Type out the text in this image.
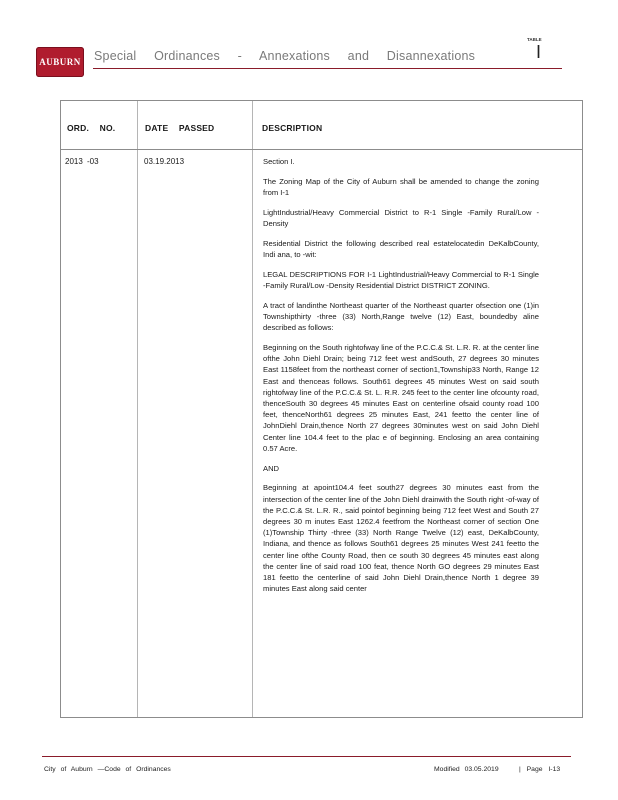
AUBURN Special Ordinances - Annexations and Disannexations
TABLE
I
ORD. NO.	DATE PASSED	DESCRIPTION
2013 -03	03.19.2013	Section I.

The Zoning Map of the City of Auburn shall be amended to change the zoning from I-1

LightIndustrial/Heavy Commercial District to R-1 Single -Family Rural/Low -Density

Residential District the following described real estatelocatedin DeKalbCounty, Indi ana, to -wit:

LEGAL DESCRIPTIONS FOR I-1 LightIndustrial/Heavy Commercial to R-1 Single -Family Rural/Low -Density Residential District DISTRICT ZONING.

A tract of landinthe Northeast quarter of the Northeast quarter ofsection one (1)in Townshipthirty -three (33) North,Range twelve (12) East, boundedby aline described as follows:

Beginning on the South rightofway line of the P.C.C.& St. L.R. R. at the center line ofthe John Diehl Drain; being 712 feet west andSouth, 27 degrees 30 minutes East 1158feet from the northeast corner of section1,Township33 North, Range 12 East and thenceas follows. South61 degrees 45 minutes West on said south rightofway line of the P.C.C.& St. L. R.R. 245 feet to the center line ofcounty road, thenceSouth 30 degrees 45 minutes East on centerline ofsaid county road 100 feet, thenceNorth61 degrees 25 minutes East, 241 feetto the center line of JohnDiehl Drain,thence North 27 degrees 30minutes west on said John Diehl Center line 104.4 feet to the plac e of beginning. Enclosing an area containing 0.57 Acre.

AND

Beginning at apoint104.4 feet south27 degrees 30 minutes east from the intersection of the center line of the John Diehl drainwith the South right -of-way of the P.C.C.& St. L.R. R., said pointof beginning being 712 feet West and South 27 degrees 30 m inutes East 1262.4 feetfrom the Northeast corner of section One (1)Township Thirty -three (33) North Range Twelve (12) east, DeKalbCounty, Indiana, and thence as follows South61 degrees 25 minutes West 241 feetto the center line ofthe County Road, then ce south 30 degrees 45 minutes east along the center line of said road 100 feat, thence North GO degrees 29 minutes East 181 feetto the centerline of said John Diehl Drain,thence North 1 degree 39 minutes East along said center

City of Auburn —Code of Ordinances	Modified 03.05.2019	| Page I-13
